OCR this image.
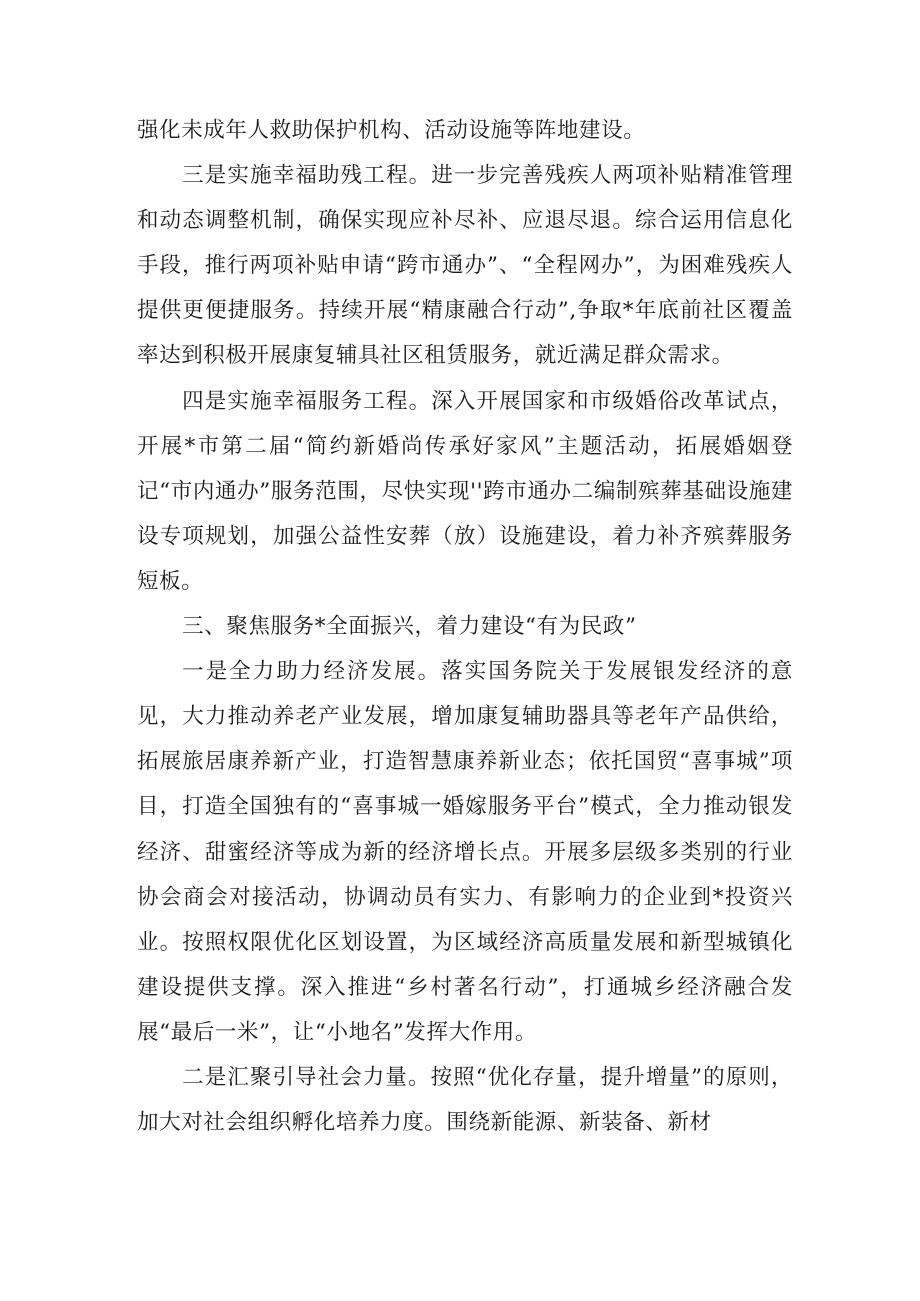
强化未成年人救助保护机构、活动设施等阵地建设。

三是实施幸福助残工程。进一步完善残疾人两项补贴精准管理和动态调整机制，确保实现应补尽补、应退尽退。综合运用信息化手段，推行两项补贴申请“跨市通办”、“全程网办”，为困难残疾人提供更便捷服务。持续开展“精康融合行动”,争取*年底前社区覆盖率达到积极开展康复辅具社区租赁服务，就近满足群众需求。

四是实施幸福服务工程。深入开展国家和市级婚俗改革试点，开展*市第二届“简约新婚尚传承好家风”主题活动，拓展婚姻登记“市内通办”服务范围，尽快实现''跨市通办二编制殡葬基础设施建设专项规划，加强公益性安葬（放）设施建设，着力补齐殡葬服务短板。

三、聚焦服务*全面振兴，着力建设“有为民政”

一是全力助力经济发展。落实国务院关于发展银发经济的意见，大力推动养老产业发展，增加康复辅助器具等老年产品供给，拓展旅居康养新产业，打造智慧康养新业态；依托国贸“喜事城”项目，打造全国独有的“喜事城一婚嫁服务平台”模式，全力推动银发经济、甜蜜经济等成为新的经济增长点。开展多层级多类别的行业协会商会对接活动，协调动员有实力、有影响力的企业到*投资兴业。按照权限优化区划设置，为区域经济高质量发展和新型城镇化建设提供支撑。深入推进“乡村著名行动”，打通城乡经济融合发展“最后一米”，让“小地名”发挥大作用。

二是汇聚引导社会力量。按照“优化存量，提升增量”的原则，加大对社会组织孵化培养力度。围绕新能源、新装备、新材
